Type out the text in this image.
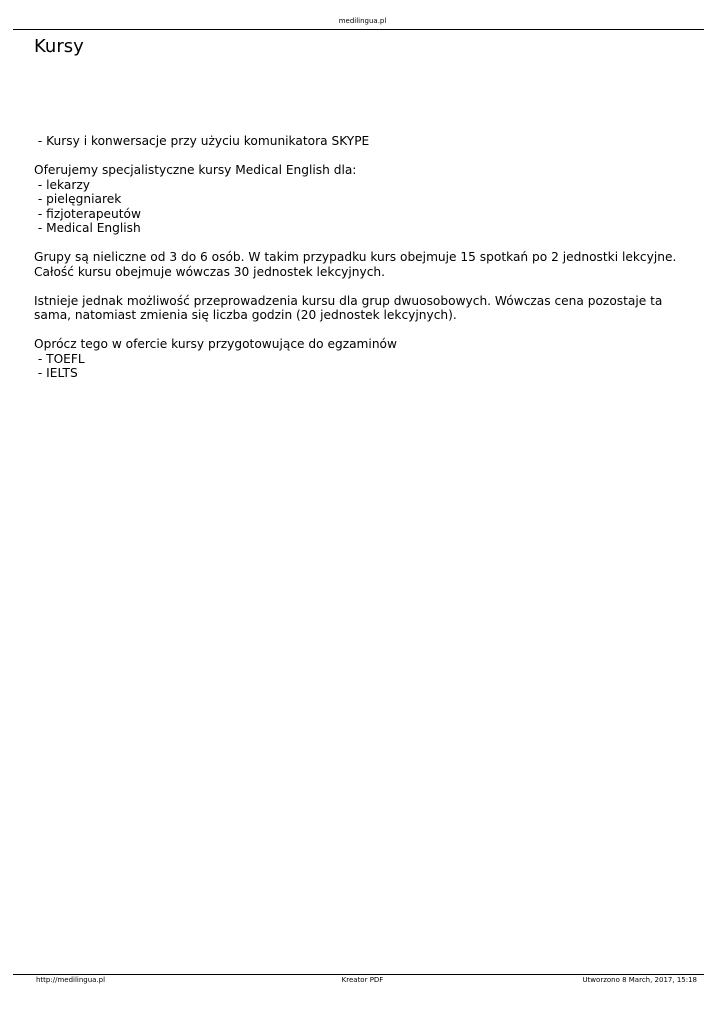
medilingua.pl
Kursy

- Kursy i konwersacje przy użyciu komunikatora SKYPE

Oferujemy specjalistyczne kursy Medical English dla:
- lekarzy
- pielęgniarek
- fizjoterapeutów
- Medical English

Grupy są nieliczne od 3 do 6 osób. W takim przypadku kurs obejmuje 15 spotkań po 2 jednostki lekcyjne.
Całość kursu obejmuje wówczas 30 jednostek lekcyjnych.

Istnieje jednak możliwość przeprowadzenia kursu dla grup dwuosobowych. Wówczas cena pozostaje ta
sama, natomiast zmienia się liczba godzin (20 jednostek lekcyjnych).

Oprócz tego w ofercie kursy przygotowujące do egzaminów
- TOEFL
- IELTS

Kreator PDF
http://medilingua.pl	Utworzono 8 March, 2017, 15:18
